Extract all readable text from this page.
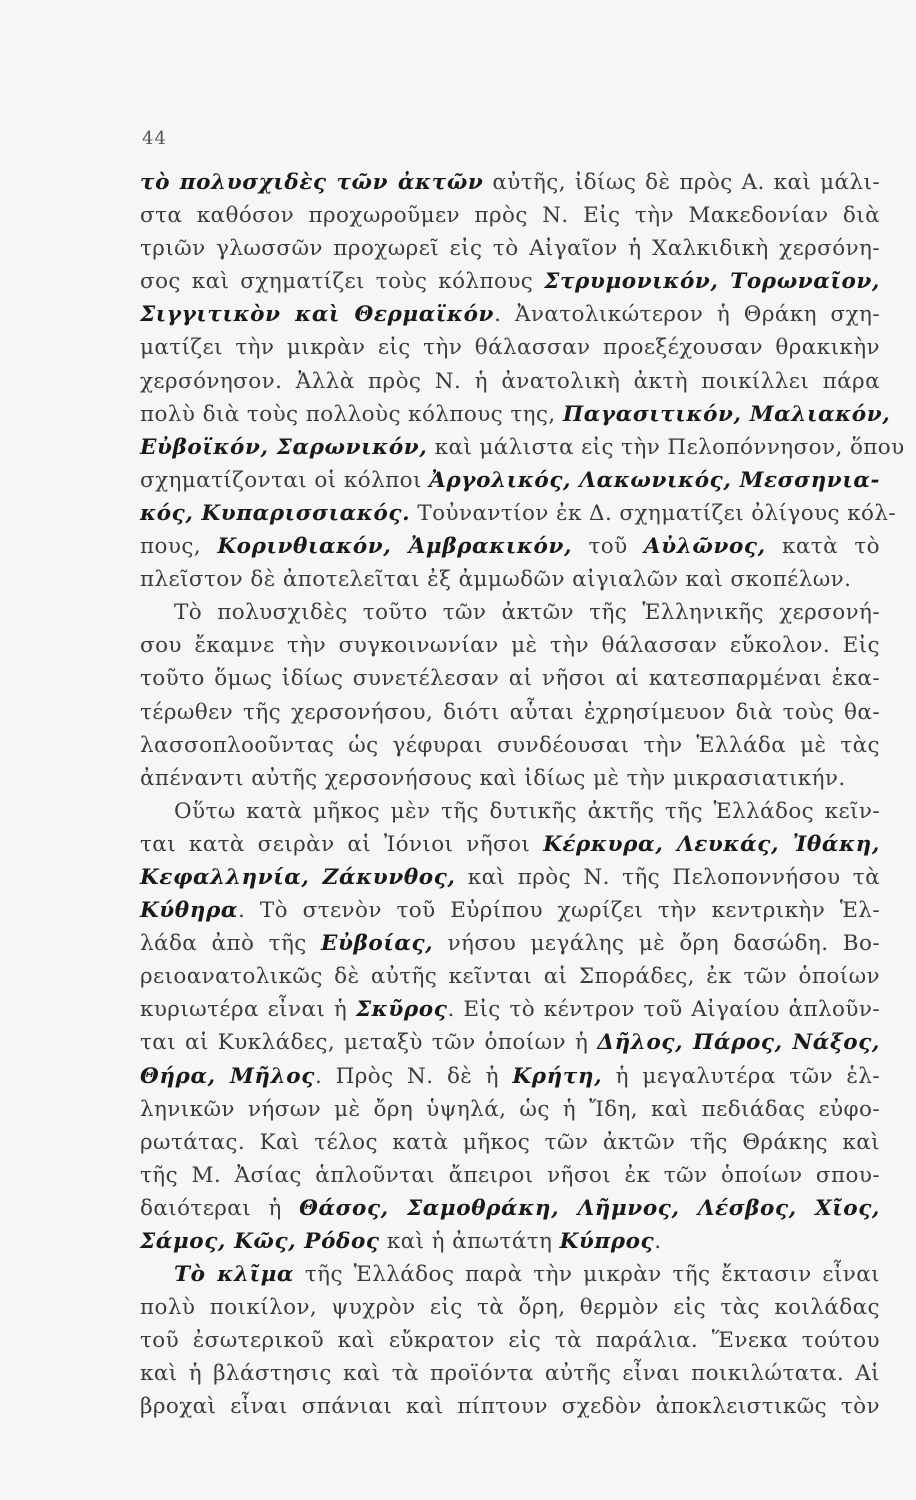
44
τὸ πολυσχιδὲς τῶν ἀκτῶν αὐτῆς, ἰδίως δὲ πρὸς Α. καὶ μάλι-
στα καθόσον προχωροῦμεν πρὸς Ν. Εἰς τὴν Μακεδονίαν διὰ
τριῶν γλωσσῶν προχωρεῖ εἰς τὸ Αἰγαῖον ἡ Χαλκιδικὴ χερσόνη-
σος καὶ σχηματίζει τοὺς κόλπους Στρυμονικόν, Τορωναῖον,
Σιγγιτικὸν καὶ Θερμαϊκόν. Ἀνατολικώτερον ἡ Θράκη σχη-
ματίζει τὴν μικρὰν εἰς τὴν θάλασσαν προεξέχουσαν θρακικὴν
χερσόνησον. Ἀλλὰ πρὸς Ν. ἡ ἀνατολικὴ ἀκτὴ ποικίλλει πάρα
πολὺ διὰ τοὺς πολλοὺς κόλπους της, Παγασιτικόν, Μαλιακόν,
Εὐβοϊκόν, Σαρωνικόν, καὶ μάλιστα εἰς τὴν Πελοπόννησον, ὅπου
σχηματίζονται οἱ κόλποι Ἀργολικός, Λακωνικός, Μεσσηνια-
κός, Κυπαρισσιακός. Τοὐναντίον ἐκ Δ. σχηματίζει ὀλίγους κόλ-
πους, Κορινθιακόν, Ἀμβρακικόν, τοῦ Αὐλῶνος, κατὰ τὸ
πλεῖστον δὲ ἀποτελεῖται ἐξ ἀμμωδῶν αἰγιαλῶν καὶ σκοπέλων.
Τὸ πολυσχιδὲς τοῦτο τῶν ἀκτῶν τῆς Ἑλληνικῆς χερσονή-
σου ἔκαμνε τὴν συγκοινωνίαν μὲ τὴν θάλασσαν εὔκολον. Εἰς
τοῦτο ὅμως ἰδίως συνετέλεσαν αἱ νῆσοι αἱ κατεσπαρμέναι ἑκα-
τέρωθεν τῆς χερσονήσου, διότι αὗται ἐχρησίμευον διὰ τοὺς θα-
λασσοπλοοῦντας ὡς γέφυραι συνδέουσαι τὴν Ἑλλάδα μὲ τὰς
ἀπέναντι αὐτῆς χερσονήσους καὶ ἰδίως μὲ τὴν μικρασιατικήν.
Οὕτω κατὰ μῆκος μὲν τῆς δυτικῆς ἀκτῆς τῆς Ἑλλάδος κεῖν-
ται κατὰ σειρὰν αἱ Ἰόνιοι νῆσοι Κέρκυρα, Λευκάς, Ἰθάκη,
Κεφαλληνία, Ζάκυνθος, καὶ πρὸς Ν. τῆς Πελοποννήσου τὰ
Κύθηρα. Τὸ στενὸν τοῦ Εὐρίπου χωρίζει τὴν κεντρικὴν Ἑλ-
λάδα ἀπὸ τῆς Εὐβοίας, νήσου μεγάλης μὲ ὄρη δασώδη. Βο-
ρειοανατολικῶς δὲ αὐτῆς κεῖνται αἱ Σποράδες, ἐκ τῶν ὁποίων
κυριωτέρα εἶναι ἡ Σκῦρος. Εἰς τὸ κέντρον τοῦ Αἰγαίου ἁπλοῦν-
ται αἱ Κυκλάδες, μεταξὺ τῶν ὁποίων ἡ Δῆλος, Πάρος, Νάξος,
Θήρα, Μῆλος. Πρὸς Ν. δὲ ἡ Κρήτη, ἡ μεγαλυτέρα τῶν ἑλ-
ληνικῶν νήσων μὲ ὄρη ὑψηλά, ὡς ἡ Ἴδη, καὶ πεδιάδας εὐφο-
ρωτάτας. Καὶ τέλος κατὰ μῆκος τῶν ἀκτῶν τῆς Θράκης καὶ
τῆς Μ. Ἀσίας ἁπλοῦνται ἄπειροι νῆσοι ἐκ τῶν ὁποίων σπου-
δαιότεραι ἡ Θάσος, Σαμοθράκη, Λῆμνος, Λέσβος, Χῖος,
Σάμος, Κῶς, Ρόδος καὶ ἡ ἀπωτάτη Κύπρος.
Τὸ κλῖμα τῆς Ἑλλάδος παρὰ τὴν μικρὰν τῆς ἔκτασιν εἶναι
πολὺ ποικίλον, ψυχρὸν εἰς τὰ ὄρη, θερμὸν εἰς τὰς κοιλάδας
τοῦ ἐσωτερικοῦ καὶ εὔκρατον εἰς τὰ παράλια. Ἕνεκα τούτου
καὶ ἡ βλάστησις καὶ τὰ προϊόντα αὐτῆς εἶναι ποικιλώτατα. Αἱ
βροχαὶ εἶναι σπάνιαι καὶ πίπτουν σχεδὸν ἀποκλειστικῶς τὸν
